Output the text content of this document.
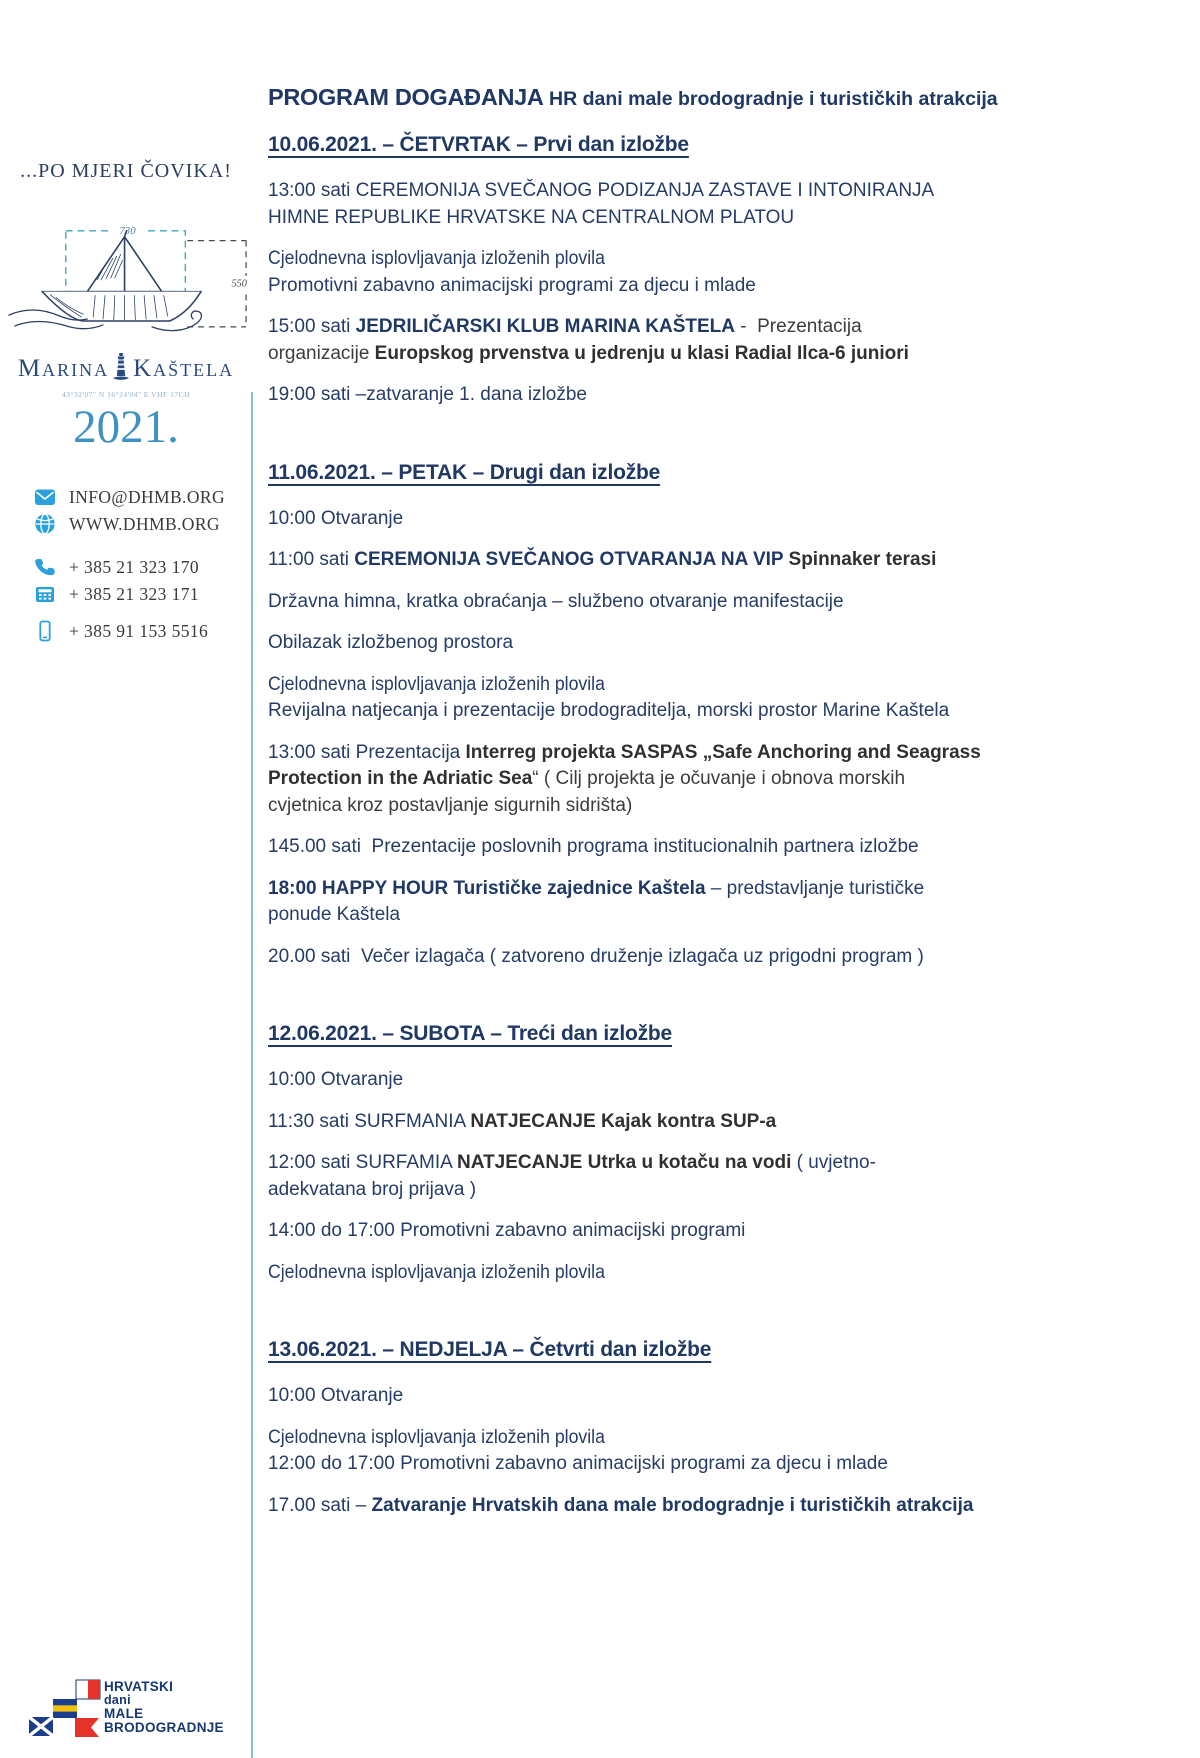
...PO MJERI ČOVIKA!
730
550
Marina Kaštela
43°32'07" N 16°24'04" E VHF 17CH
2021.
INFO@DHMB.ORG
WWW.DHMB.ORG
+ 385 21 323 170
+ 385 21 323 171
+ 385 91 153 5516
HRVATSKI
dani
MALE
BRODOGRADNJE
PROGRAM DOGAĐANJA HR dani male brodogradnje i turističkih atrakcija
10.06.2021. – ČETVRTAK – Prvi dan izložbe
13:00 sati CEREMONIJA SVEČANOG PODIZANJA ZASTAVE I INTONIRANJA
HIMNE REPUBLIKE HRVATSKE NA CENTRALNOM PLATOU
Cjelodnevna isplovljavanja izloženih plovila
Promotivni zabavno animacijski programi za djecu i mlade
15:00 sati JEDRILIČARSKI KLUB MARINA KAŠTELA -  Prezentacija
organizacije Europskog prvenstva u jedrenju u klasi Radial Ilca-6 juniori
19:00 sati –zatvaranje 1. dana izložbe
11.06.2021. – PETAK – Drugi dan izložbe
10:00 Otvaranje
11:00 sati CEREMONIJA SVEČANOG OTVARANJA NA VIP Spinnaker terasi
Državna himna, kratka obraćanja – službeno otvaranje manifestacije
Obilazak izložbenog prostora
Cjelodnevna isplovljavanja izloženih plovila
Revijalna natjecanja i prezentacije brodograditelja, morski prostor Marine Kaštela
13:00 sati Prezentacija Interreg projekta SASPAS „Safe Anchoring and Seagrass
Protection in the Adriatic Sea“ ( Cilj projekta je očuvanje i obnova morskih
cvjetnica kroz postavljanje sigurnih sidrišta)
145.00 sati  Prezentacije poslovnih programa institucionalnih partnera izložbe
18:00 HAPPY HOUR Turističke zajednice Kaštela – predstavljanje turističke
ponude Kaštela
20.00 sati  Večer izlagača ( zatvoreno druženje izlagača uz prigodni program )
12.06.2021. – SUBOTA – Treći dan izložbe
10:00 Otvaranje
11:30 sati SURFMANIA NATJECANJE Kajak kontra SUP-a
12:00 sati SURFAMIA NATJECANJE Utrka u kotaču na vodi ( uvjetno-
adekvatana broj prijava )
14:00 do 17:00 Promotivni zabavno animacijski programi
Cjelodnevna isplovljavanja izloženih plovila
13.06.2021. – NEDJELJA – Četvrti dan izložbe
10:00 Otvaranje
Cjelodnevna isplovljavanja izloženih plovila
12:00 do 17:00 Promotivni zabavno animacijski programi za djecu i mlade
17.00 sati – Zatvaranje Hrvatskih dana male brodogradnje i turističkih atrakcija
